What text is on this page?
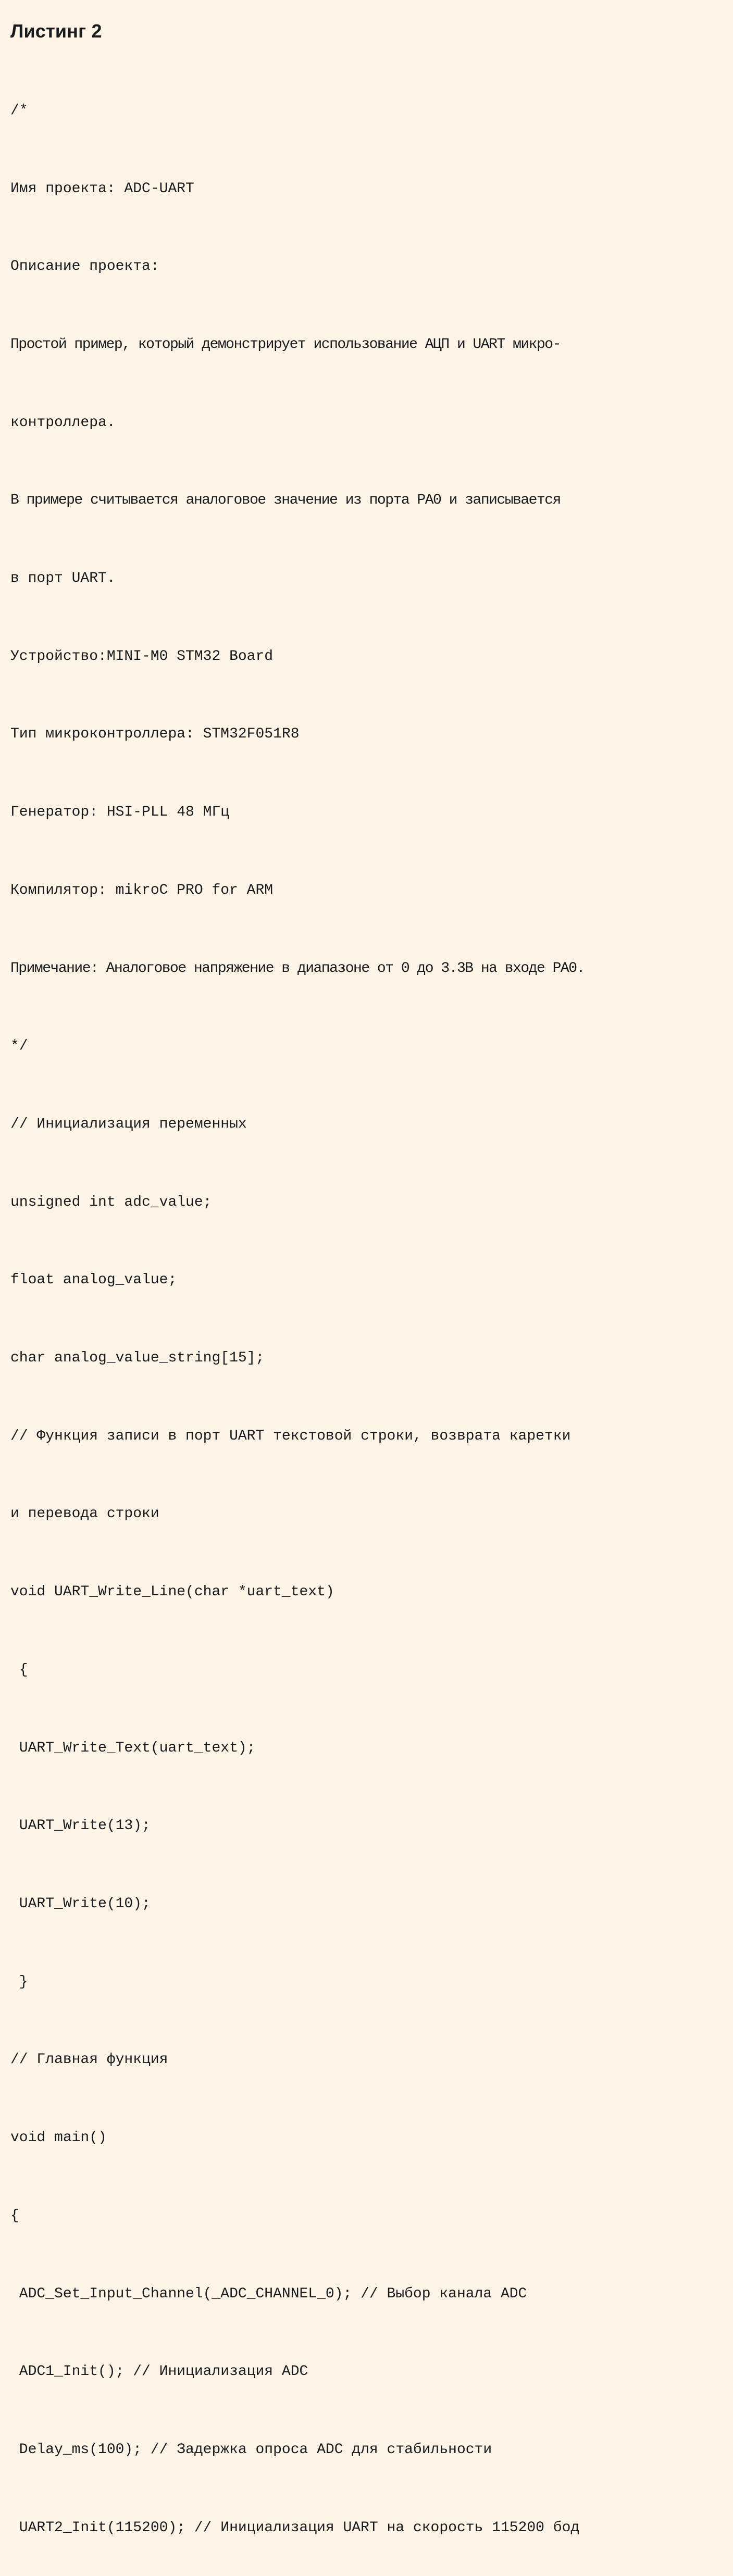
Листинг 2

/*

Имя проекта: ADC-UART

Описание проекта:

Простой пример, который демонстрирует использование АЦП и UART микро-

контроллера.

В примере считывается аналоговое значение из порта PA0 и записывается

в порт UART.

Устройство:MINI-M0 STM32 Board

Тип микроконтроллера: STM32F051R8

Генератор: HSI-PLL 48 МГц

Компилятор: mikroC PRO for ARM

Примечание: Аналоговое напряжение в диапазоне от 0 до 3.3В на входе PA0.

*/

// Инициализация переменных

unsigned int adc_value;

float analog_value;

char analog_value_string[15];

// Функция записи в порт UART текстовой строки, возврата каретки

и перевода строки

void UART_Write_Line(char *uart_text)

{

UART_Write_Text(uart_text);

UART_Write(13);

UART_Write(10);

}

// Главная функция

void main()

{

ADC_Set_Input_Channel(_ADC_CHANNEL_0); // Выбор канала ADC

ADC1_Init(); // Инициализация ADC

Delay_ms(100); // Задержка опроса ADC для стабильности

UART2_Init(115200); // Инициализация UART на скорость 115200 бод
